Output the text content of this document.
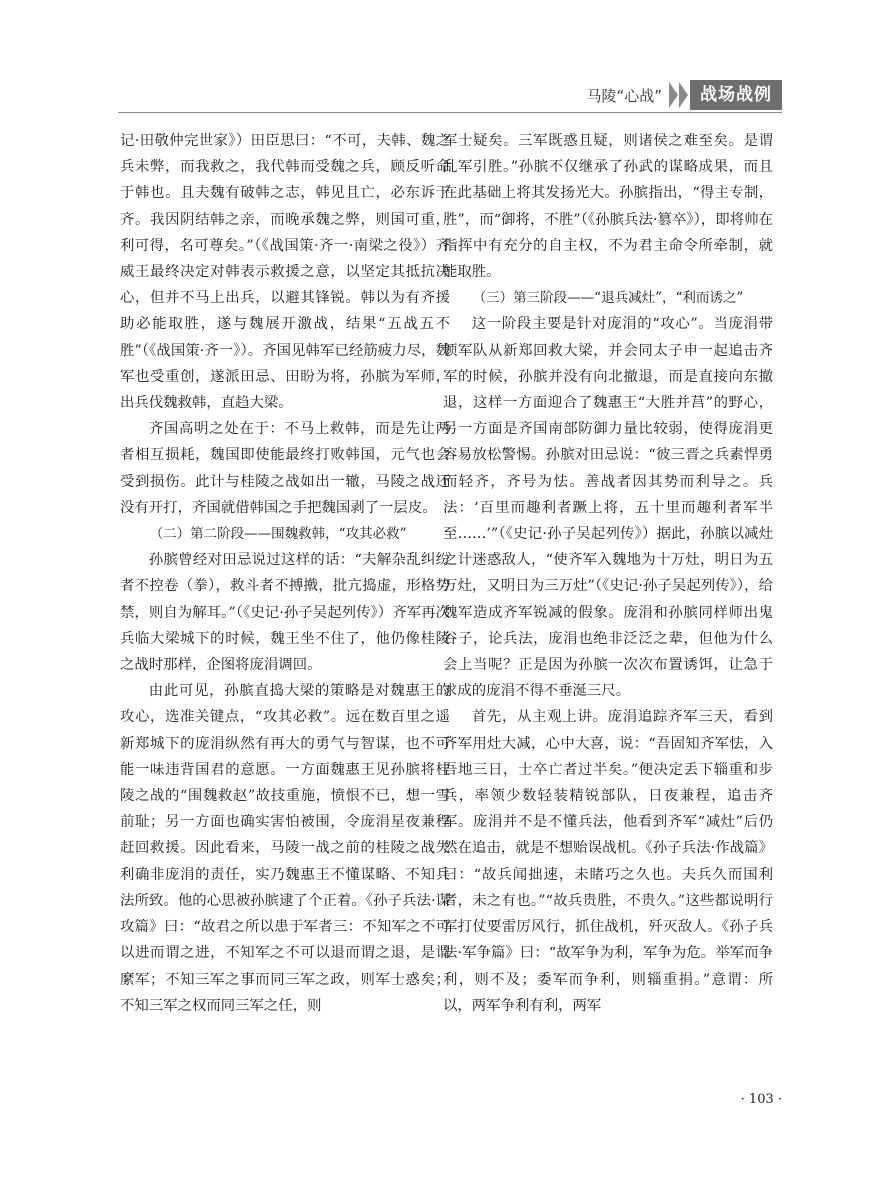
马陵“心战”	战场战例

记·田敬仲完世家》）田臣思曰：“不可，夫韩、魏之兵未弊，而我救之，我代韩而受魏之兵，顾反听命于韩也。且夫魏有破韩之志，韩见且亡，必东诉于齐。我因阴结韩之亲，而晚承魏之弊，则国可重，利可得，名可尊矣。”（《战国策·齐一·南梁之役》）齐威王最终决定对韩表示救援之意，以坚定其抵抗决心，但并不马上出兵，以避其锋锐。韩以为有齐援助必能取胜，遂与魏展开激战，结果“五战五不胜”（《战国策·齐一》）。齐国见韩军已经筋疲力尽，魏军也受重创，遂派田忌、田盼为将，孙膑为军师，出兵伐魏救韩，直趋大梁。

齐国高明之处在于：不马上救韩，而是先让两者相互损耗，魏国即使能最终打败韩国，元气也会受到损伤。此计与桂陵之战如出一辙，马陵之战还没有开打，齐国就借韩国之手把魏国剥了一层皮。

（二）第二阶段——围魏救韩，“攻其必救”

孙膑曾经对田忌说过这样的话：“夫解杂乱纠纷者不控卷（拳），救斗者不搏撠，批亢捣虚，形格势禁，则自为解耳。”（《史记·孙子吴起列传》）齐军再次兵临大梁城下的时候，魏王坐不住了，他仍像桂陵之战时那样，企图将庞涓调回。

由此可见，孙膑直捣大梁的策略是对魏惠王的攻心，选准关键点，“攻其必救”。远在数百里之遥新郑城下的庞涓纵然有再大的勇气与智谋，也不可能一味违背国君的意愿。一方面魏惠王见孙膑将桂陵之战的“围魏救赵”故技重施，愤恨不已，想一雪前耻；另一方面也确实害怕被围，令庞涓星夜兼程赶回救援。因此看来，马陵一战之前的桂陵之战失利确非庞涓的责任，实乃魏惠王不懂谋略、不知兵法所致。他的心思被孙膑逮了个正着。《孙子兵法·谋攻篇》曰：“故君之所以患于军者三：不知军之不可以进而谓之进，不知军之不可以退而谓之退，是谓縻军；不知三军之事而同三军之政，则军士惑矣；不知三军之权而同三军之任，则

军士疑矣。三军既惑且疑，则诸侯之难至矣。是谓乱军引胜。”孙膑不仅继承了孙武的谋略成果，而且在此基础上将其发扬光大。孙膑指出，“得主专制，胜”，而“御将，不胜”（《孙膑兵法·篡卒》），即将帅在指挥中有充分的自主权，不为君主命令所牵制，就能取胜。

（三）第三阶段——“退兵减灶”，“利而诱之”

这一阶段主要是针对庞涓的“攻心”。当庞涓带领军队从新郑回救大梁，并会同太子申一起追击齐军的时候，孙膑并没有向北撤退，而是直接向东撤退，这样一方面迎合了魏惠王“大胜并莒”的野心，另一方面是齐国南部防御力量比较弱，使得庞涓更容易放松警惕。孙膑对田忌说：“彼三晋之兵素悍勇而轻齐，齐号为怯。善战者因其势而利导之。兵法：‘百里而趣利者蹶上将，五十里而趣利者军半至……’”（《史记·孙子吴起列传》）据此，孙膑以减灶之计迷惑敌人，“使齐军入魏地为十万灶，明日为五万灶，又明日为三万灶”（《史记·孙子吴起列传》），给魏军造成齐军锐减的假象。庞涓和孙膑同样师出鬼谷子，论兵法，庞涓也绝非泛泛之辈，但他为什么会上当呢？正是因为孙膑一次次布置诱饵，让急于求成的庞涓不得不垂涎三尺。

首先，从主观上讲。庞涓追踪齐军三天，看到齐军用灶大减，心中大喜，说：“吾固知齐军怯，入吾地三日，士卒亡者过半矣。”便决定丢下辎重和步兵，率领少数轻装精锐部队，日夜兼程，追击齐军。庞涓并不是不懂兵法，他看到齐军“减灶”后仍然在追击，就是不想贻误战机。《孙子兵法·作战篇》曰：“故兵闻拙速，未睹巧之久也。夫兵久而国利者，未之有也。”“故兵贵胜，不贵久。”这些都说明行军打仗要雷厉风行，抓住战机，歼灭敌人。《孙子兵法·军争篇》曰：“故军争为利，军争为危。举军而争利，则不及；委军而争利，则辎重捐。”意谓：所以，两军争利有利，两军

· 103 ·
